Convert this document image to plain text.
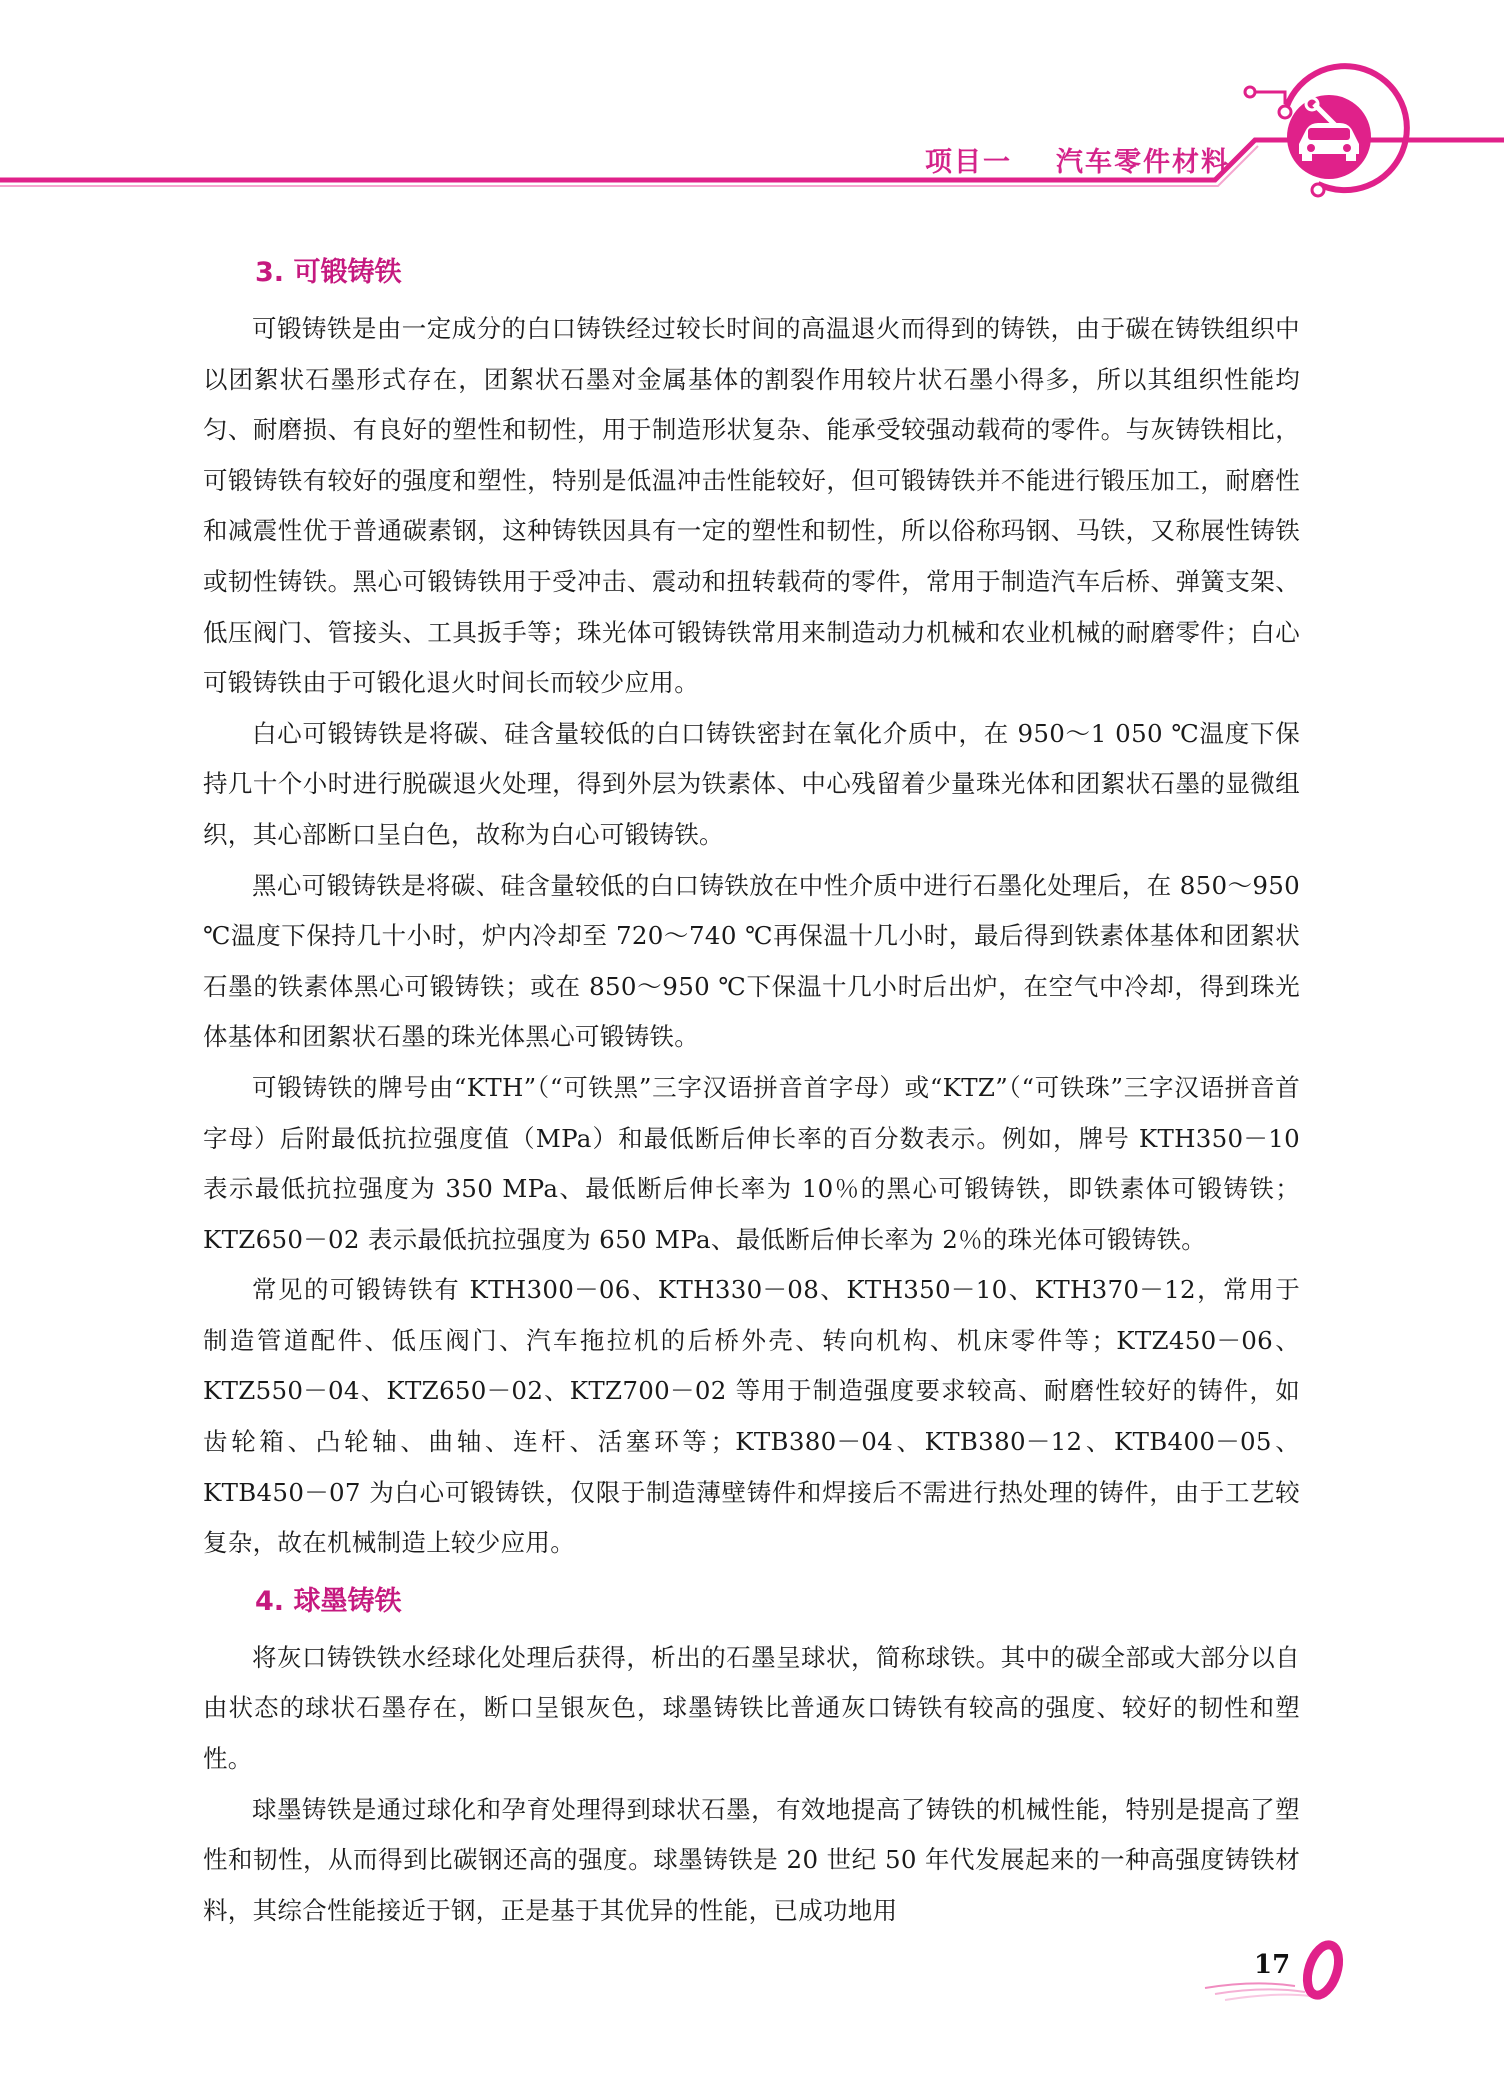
项目一 汽车零件材料
3. 可锻铸铁

可锻铸铁是由一定成分的白口铸铁经过较长时间的高温退火而得到的铸铁，由于碳在铸铁组织中以团絮状石墨形式存在，团絮状石墨对金属基体的割裂作用较片状石墨小得多，所以其组织性能均匀、耐磨损、有良好的塑性和韧性，用于制造形状复杂、能承受较强动载荷的零件。与灰铸铁相比，可锻铸铁有较好的强度和塑性，特别是低温冲击性能较好，但可锻铸铁并不能进行锻压加工，耐磨性和减震性优于普通碳素钢，这种铸铁因具有一定的塑性和韧性，所以俗称玛钢、马铁，又称展性铸铁或韧性铸铁。黑心可锻铸铁用于受冲击、震动和扭转载荷的零件，常用于制造汽车后桥、弹簧支架、低压阀门、管接头、工具扳手等；珠光体可锻铸铁常用来制造动力机械和农业机械的耐磨零件；白心可锻铸铁由于可锻化退火时间长而较少应用。

白心可锻铸铁是将碳、硅含量较低的白口铸铁密封在氧化介质中，在 950～1 050 ℃温度下保持几十个小时进行脱碳退火处理，得到外层为铁素体、中心残留着少量珠光体和团絮状石墨的显微组织，其心部断口呈白色，故称为白心可锻铸铁。

黑心可锻铸铁是将碳、硅含量较低的白口铸铁放在中性介质中进行石墨化处理后，在 850～950 ℃温度下保持几十小时，炉内冷却至 720～740 ℃再保温十几小时，最后得到铁素体基体和团絮状石墨的铁素体黑心可锻铸铁；或在 850～950 ℃下保温十几小时后出炉，在空气中冷却，得到珠光体基体和团絮状石墨的珠光体黑心可锻铸铁。

可锻铸铁的牌号由“KTH”（“可铁黑”三字汉语拼音首字母）或“KTZ”（“可铁珠”三字汉语拼音首字母）后附最低抗拉强度值（MPa）和最低断后伸长率的百分数表示。例如，牌号 KTH350－10 表示最低抗拉强度为 350 MPa、最低断后伸长率为 10％的黑心可锻铸铁，即铁素体可锻铸铁；KTZ650－02 表示最低抗拉强度为 650 MPa、最低断后伸长率为 2％的珠光体可锻铸铁。

常见的可锻铸铁有 KTH300－06、KTH330－08、KTH350－10、KTH370－12，常用于制造管道配件、低压阀门、汽车拖拉机的后桥外壳、转向机构、机床零件等；KTZ450－06、KTZ550－04、KTZ650－02、KTZ700－02 等用于制造强度要求较高、耐磨性较好的铸件，如齿轮箱、凸轮轴、曲轴、连杆、活塞环等；KTB380－04、KTB380－12、KTB400－05、KTB450－07 为白心可锻铸铁，仅限于制造薄壁铸件和焊接后不需进行热处理的铸件，由于工艺较复杂，故在机械制造上较少应用。

4. 球墨铸铁

将灰口铸铁铁水经球化处理后获得，析出的石墨呈球状，简称球铁。其中的碳全部或大部分以自由状态的球状石墨存在，断口呈银灰色，球墨铸铁比普通灰口铸铁有较高的强度、较好的韧性和塑性。

球墨铸铁是通过球化和孕育处理得到球状石墨，有效地提高了铸铁的机械性能，特别是提高了塑性和韧性，从而得到比碳钢还高的强度。球墨铸铁是 20 世纪 50 年代发展起来的一种高强度铸铁材料，其综合性能接近于钢，正是基于其优异的性能，已成功地用

17
